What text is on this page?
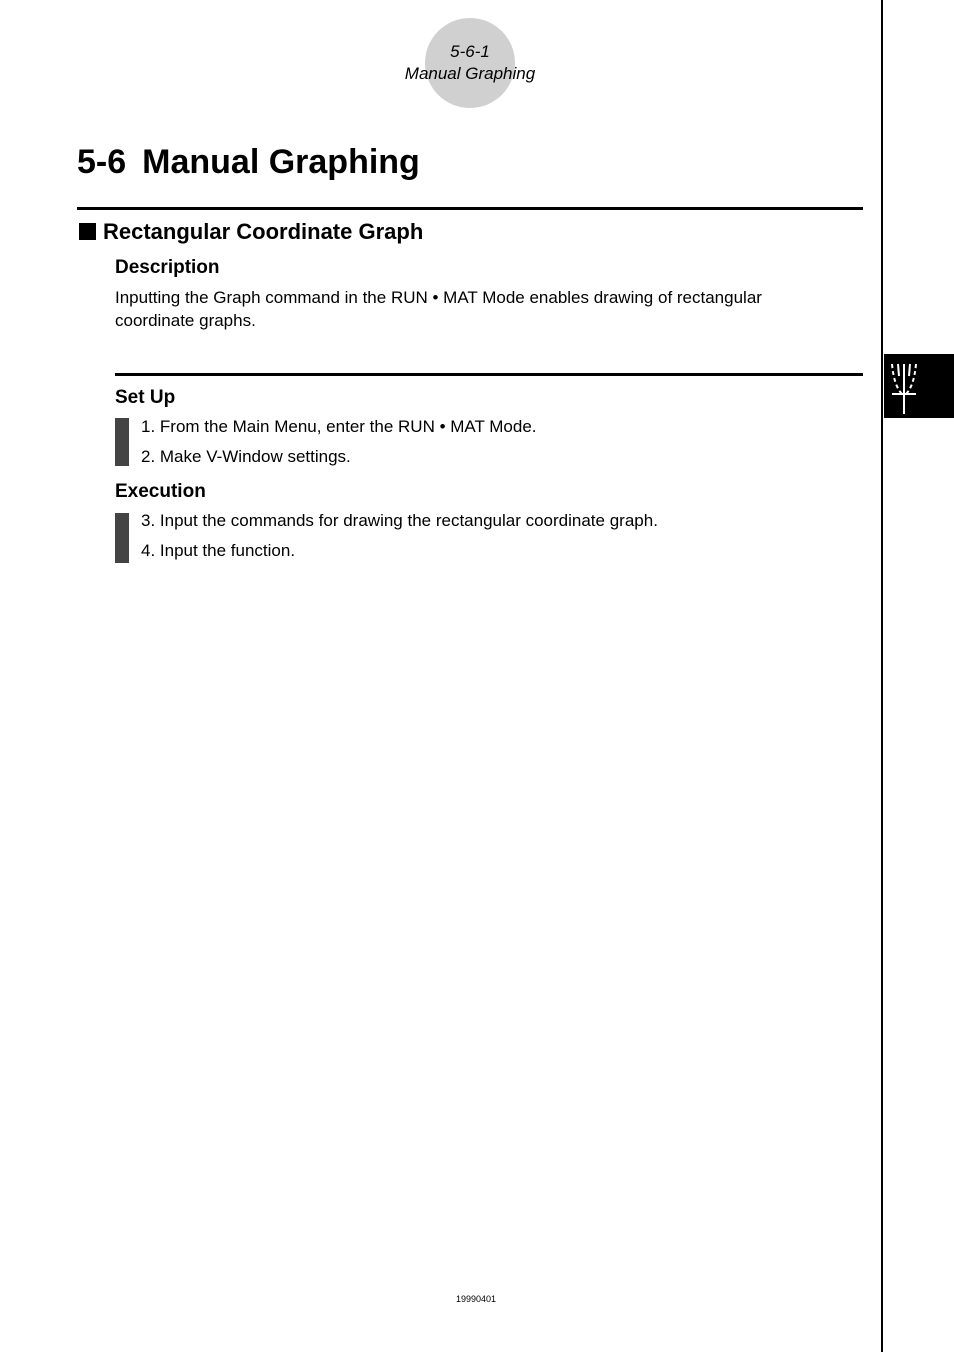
5-6-1
Manual Graphing
5-6 Manual Graphing
Rectangular Coordinate Graph
Description
Inputting the Graph command in the RUN • MAT Mode enables drawing of rectangular coordinate graphs.
Set Up
1. From the Main Menu, enter the RUN • MAT Mode.
2. Make V-Window settings.
Execution
3. Input the commands for drawing the rectangular coordinate graph.
4. Input the function.
19990401
